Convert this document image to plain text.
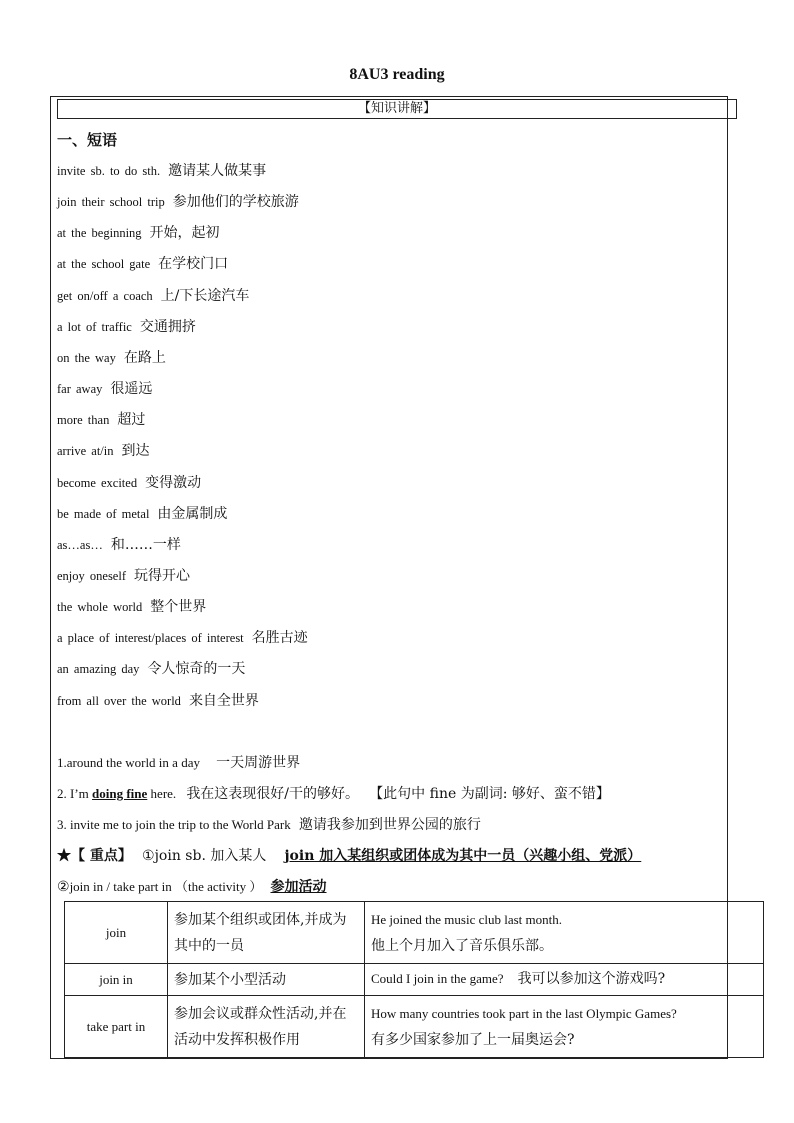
8AU3 reading
【知识讲解】
一、短语
invite sb. to do sth. 邀请某人做某事
join their school trip 参加他们的学校旅游
at the beginning 开始，起初
at the school gate 在学校门口
get on/off a coach 上/下长途汽车
a lot of traffic 交通拥挤
on the way 在路上
far away 很遥远
more than 超过
arrive at/in 到达
become excited 变得激动
be made of metal 由金属制成
as…as… 和……一样
enjoy oneself 玩得开心
the whole world 整个世界
a place of interest/places of interest 名胜古迹
an amazing day 令人惊奇的一天
from all over the world 来自全世界
1.around the world in a day 一天周游世界
2. I’m doing fine here. 我在这表现很好/干的够好。 【此句中 fine 为副词: 够好、蛮不错】
3. invite me to join the trip to the World Park 邀请我参加到世界公园的旅行
★【 重点】 ①join sb. 加入某人 join 加入某组织或团体成为其中一员（兴趣小组、党派）
②join in / take part in （the activity ） 参加活动
join	参加某个组织或团体,并成为其中的一员	He joined the music club last month.
他上个月加入了音乐俱乐部。

join in	参加某个小型活动	Could I join in the game? 我可以参加这个游戏吗?
take part in	参加会议或群众性活动,并在活动中发挥积极作用	How many countries took part in the last Olympic Games?
有多少国家参加了上一届奥运会?
